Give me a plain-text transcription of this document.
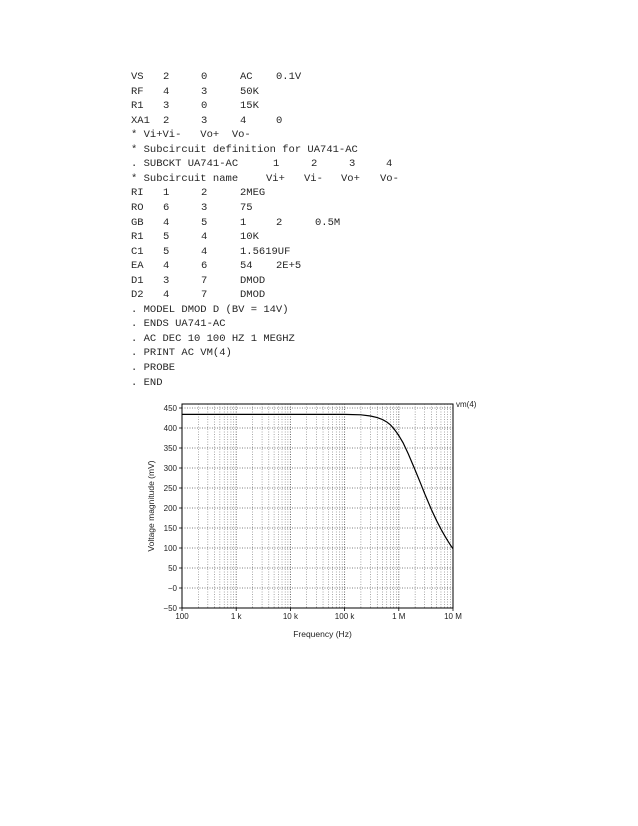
VS 2	0	AC 0.1V
RF 4	3	50K
R1 3	0	15K
XA1 2	3	4	0
* Vi+Vi-   Vo+  Vo-
* Subcircuit definition for UA741-AC
. SUBCKT UA741-AC	1	2	3	4
* Subcircuit name	Vi+ Vi- Vo+ Vo-
RI 1	2	2MEG
RO 6	3	75
GB 4	5	1	2	0.5M
R1 5	4	10K
C1 5	4	1.5619UF
EA 4	6	54 2E+5
D1 3	7	DMOD
D2 4	7	DMOD
. MODEL DMOD D (BV = 14V)
. ENDS UA741-AC
. AC DEC 10 100 HZ 1 MEGHZ
. PRINT AC VM(4)
. PROBE
. END
450
400
350
300
250
200
150
100
50
−0
−50
100	1 k	10 k	100 k	1 M	10 M
Frequency (Hz)
Voltage magnitude (mV)
vm(4)
